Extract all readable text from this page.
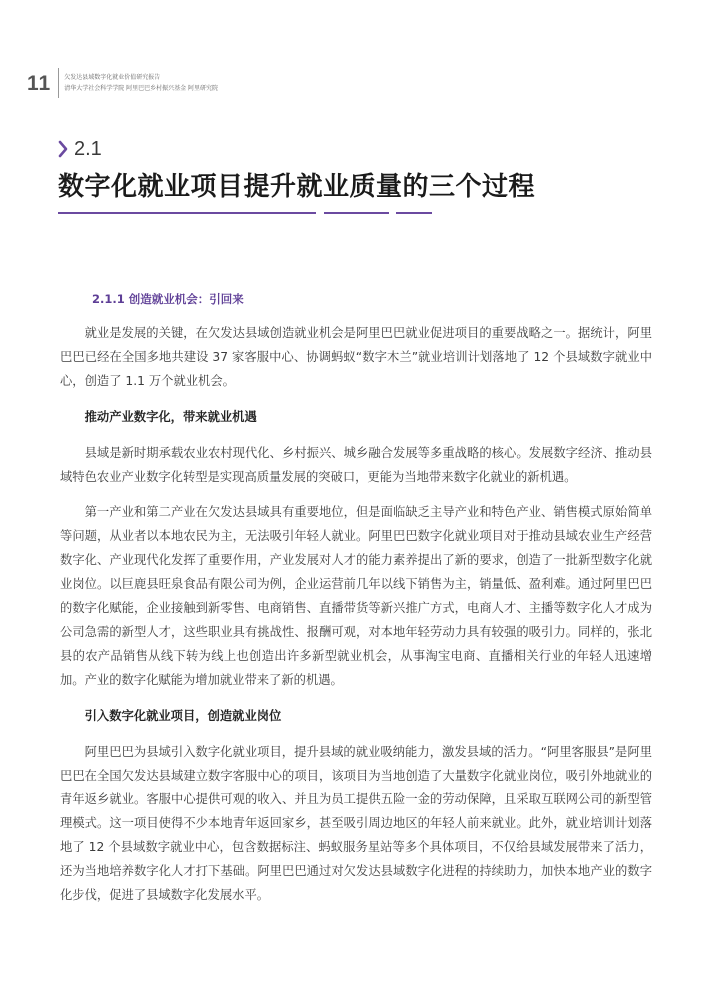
11 欠发达县域数字化就业价值研究报告
清华大学社会科学学院 阿里巴巴乡村振兴基金 阿里研究院
2.1
数字化就业项目提升就业质量的三个过程
2.1.1 创造就业机会：引回来

就业是发展的关键，在欠发达县域创造就业机会是阿里巴巴就业促进项目的重要战略之一。据统计，阿里巴巴已经在全国多地共建设 37 家客服中心、协调蚂蚁“数字木兰”就业培训计划落地了 12 个县域数字就业中心，创造了 1.1 万个就业机会。

推动产业数字化，带来就业机遇

县域是新时期承载农业农村现代化、乡村振兴、城乡融合发展等多重战略的核心。发展数字经济、推动县域特色农业产业数字化转型是实现高质量发展的突破口，更能为当地带来数字化就业的新机遇。

第一产业和第二产业在欠发达县域具有重要地位，但是面临缺乏主导产业和特色产业、销售模式原始简单等问题，从业者以本地农民为主，无法吸引年轻人就业。阿里巴巴数字化就业项目对于推动县域农业生产经营数字化、产业现代化发挥了重要作用，产业发展对人才的能力素养提出了新的要求，创造了一批新型数字化就业岗位。以巨鹿县旺泉食品有限公司为例，企业运营前几年以线下销售为主，销量低、盈利难。通过阿里巴巴的数字化赋能，企业接触到新零售、电商销售、直播带货等新兴推广方式，电商人才、主播等数字化人才成为公司急需的新型人才，这些职业具有挑战性、报酬可观，对本地年轻劳动力具有较强的吸引力。同样的，张北县的农产品销售从线下转为线上也创造出许多新型就业机会，从事淘宝电商、直播相关行业的年轻人迅速增加。产业的数字化赋能为增加就业带来了新的机遇。

引入数字化就业项目，创造就业岗位

阿里巴巴为县域引入数字化就业项目，提升县域的就业吸纳能力，激发县域的活力。“阿里客服县”是阿里巴巴在全国欠发达县域建立数字客服中心的项目，该项目为当地创造了大量数字化就业岗位，吸引外地就业的青年返乡就业。客服中心提供可观的收入、并且为员工提供五险一金的劳动保障，且采取互联网公司的新型管理模式。这一项目使得不少本地青年返回家乡，甚至吸引周边地区的年轻人前来就业。此外，就业培训计划落地了 12 个县域数字就业中心，包含数据标注、蚂蚁服务星站等多个具体项目，不仅给县域发展带来了活力，还为当地培养数字化人才打下基础。阿里巴巴通过对欠发达县域数字化进程的持续助力，加快本地产业的数字化步伐，促进了县域数字化发展水平。
